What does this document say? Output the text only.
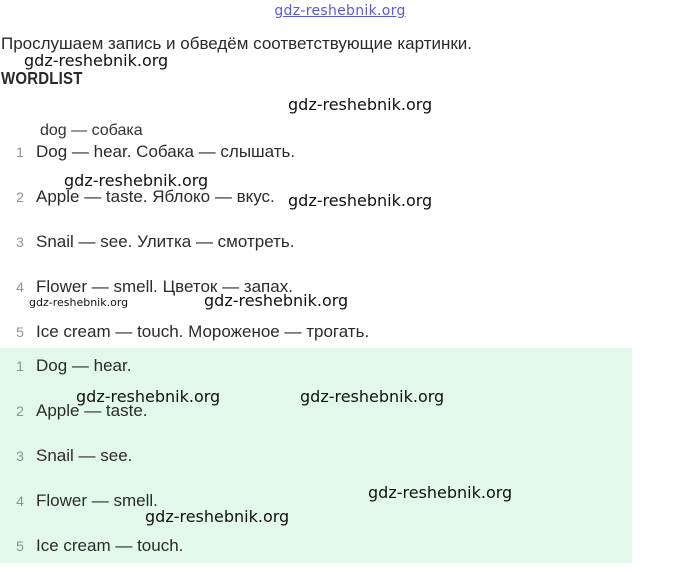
gdz-reshebnik.org
Прослушаем запись и обведём соответствующие картинки.
WORDLIST
dog — собака
1 Dog — hear. Собака — слышать.
2 Apple — taste. Яблоко — вкус.
3 Snail — see. Улитка — смотреть.
4 Flower — smell. Цветок — запах.
5 Ice cream — touch. Мороженое — трогать.
1 Dog — hear.
2 Apple — taste.
3 Snail — see.
4 Flower — smell.
5 Ice cream — touch.
gdz-reshebnik.org
gdz-reshebnik.org
gdz-reshebnik.org
gdz-reshebnik.org
gdz-reshebnik.org	gdz-reshebnik.org
gdz-reshebnik.org	gdz-reshebnik.org
gdz-reshebnik.org
gdz-reshebnik.org
